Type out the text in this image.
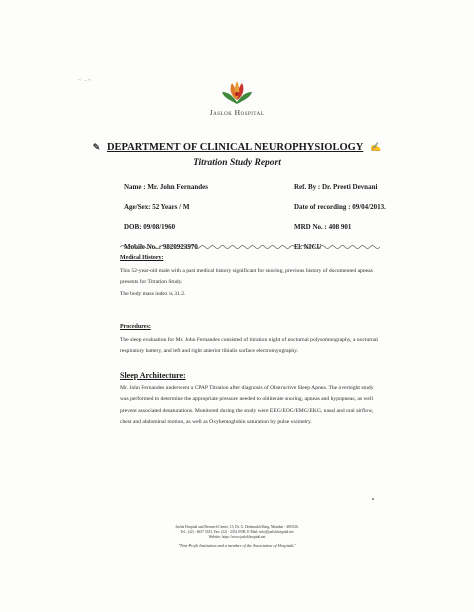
~ -~
Jaslok Hospital
✎ DEPARTMENT OF CLINICAL NEUROPHYSIOLOGY ✍
Titration Study Report
Name : Mr. John Fernandes
Age/Sex: 52 Years / M
DOB: 09/08/1960
Mobile No. : 9820923970
Ref. By : Dr. Preeti Devnani
Date of recording : 09/04/2013.
MRD No. : 408 901
Fl. NICU
Medical History:

This 52-year-old male with a past medical history significant for snoring, previous history of documented apneas presents for Titration Study.

The body mass index is 31.2.

Procedures:

The sleep evaluation for Mr. John Fernandes consisted of titration night of nocturnal polysomnography, a nocturnal respiratory battery, and left and right anterior tibialis surface electromyography.

Sleep Architecture:

Mr. John Fernandes underwent a CPAP Titration after diagnosis of Obstructive Sleep Apnea. The overnight study was performed to determine the appropriate pressure needed to obliterate snoring, apneas and hypopneas, as well prevent associated desaturations. Monitored during the study were EEG/EOG/EMG/EKG, nasal and oral airflow, chest and abdominal motion, as well as Oxyhemoglobin saturation by pulse oximetry.

Jaslok Hospital and Research Centre, 15, Dr. G. Deshmukh Marg, Mumbai - 400 026.
Tel.: (22) - 6657 3333, Fax: (22) - 2352 0508, E-Mail: info@jaslokhospital.net
Website: https://www.jaslokhospital.net
"Non-Profit Institution and a member of the Association of Hospitals"
